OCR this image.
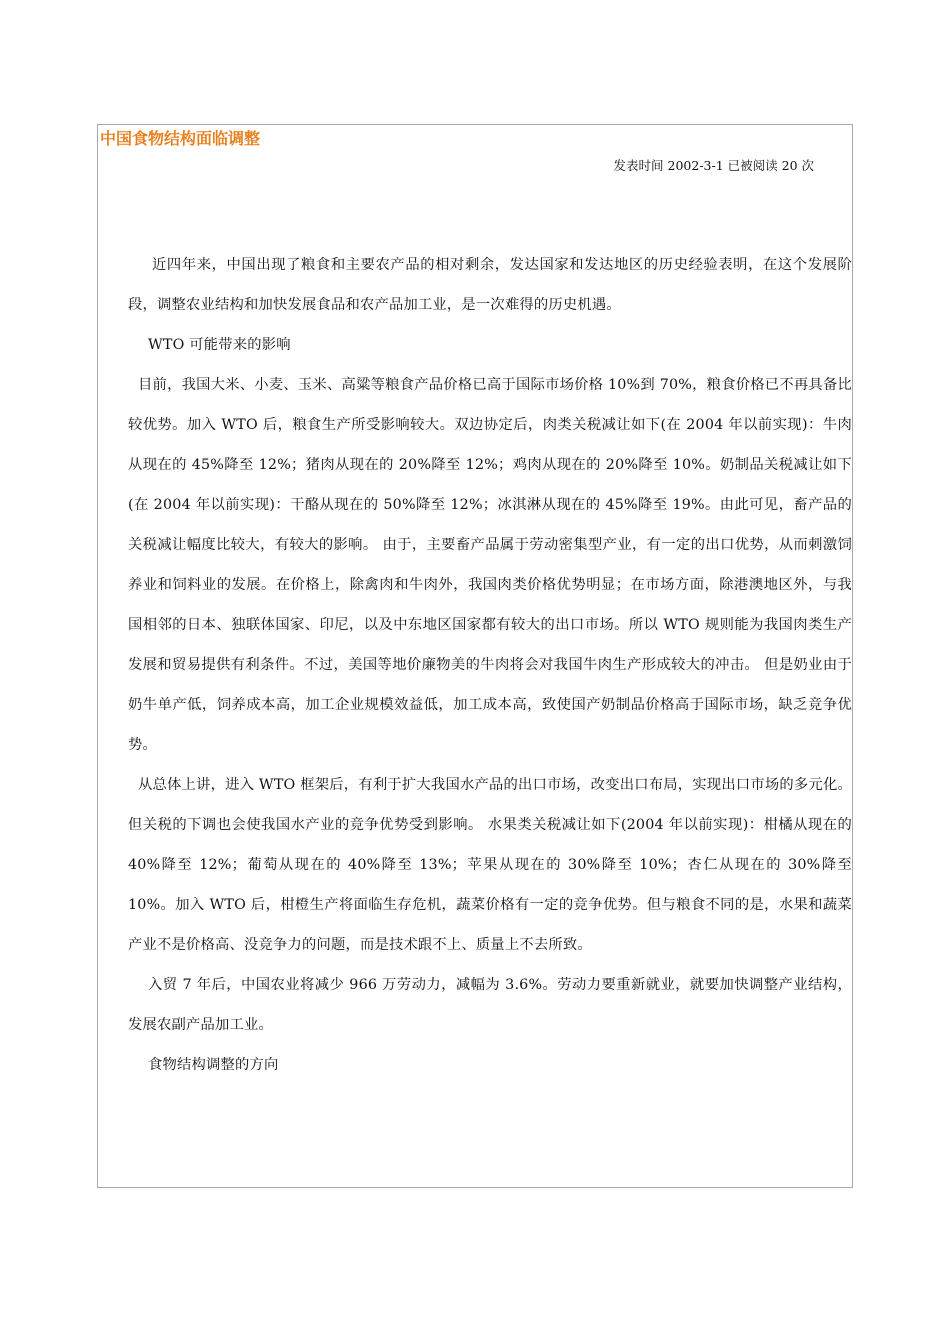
中国食物结构面临调整
发表时间 2002-3-1 已被阅读 20 次

近四年来，中国出现了粮食和主要农产品的相对剩余，发达国家和发达地区的历史经验表明，在这个发展阶段，调整农业结构和加快发展食品和农产品加工业，是一次难得的历史机遇。

WTO 可能带来的影响

目前，我国大米、小麦、玉米、高粱等粮食产品价格已高于国际市场价格 10%到 70%，粮食价格已不再具备比较优势。加入 WTO 后，粮食生产所受影响较大。双边协定后，肉类关税减让如下(在 2004 年以前实现)：牛肉从现在的 45%降至 12%；猪肉从现在的 20%降至 12%；鸡肉从现在的 20%降至 10%。奶制品关税减让如下(在 2004 年以前实现)：干酪从现在的 50%降至 12%；冰淇淋从现在的 45%降至 19%。由此可见，畜产品的关税减让幅度比较大，有较大的影响。 由于，主要畜产品属于劳动密集型产业，有一定的出口优势，从而刺激饲养业和饲料业的发展。在价格上，除禽肉和牛肉外，我国肉类价格优势明显；在市场方面，除港澳地区外，与我国相邻的日本、独联体国家、印尼，以及中东地区国家都有较大的出口市场。所以 WTO 规则能为我国肉类生产发展和贸易提供有利条件。不过，美国等地价廉物美的牛肉将会对我国牛肉生产形成较大的冲击。 但是奶业由于奶牛单产低，饲养成本高，加工企业规模效益低，加工成本高，致使国产奶制品价格高于国际市场，缺乏竞争优势。

从总体上讲，进入 WTO 框架后，有利于扩大我国水产品的出口市场，改变出口布局，实现出口市场的多元化。但关税的下调也会使我国水产业的竞争优势受到影响。 水果类关税减让如下(2004 年以前实现)：柑橘从现在的 40%降至 12%；葡萄从现在的 40%降至 13%；苹果从现在的 30%降至 10%；杏仁从现在的 30%降至 10%。加入 WTO 后，柑橙生产将面临生存危机，蔬菜价格有一定的竞争优势。但与粮食不同的是，水果和蔬菜产业不是价格高、没竞争力的问题，而是技术跟不上、质量上不去所致。

入贸 7 年后，中国农业将减少 966 万劳动力，减幅为 3.6%。劳动力要重新就业，就要加快调整产业结构，发展农副产品加工业。

食物结构调整的方向
